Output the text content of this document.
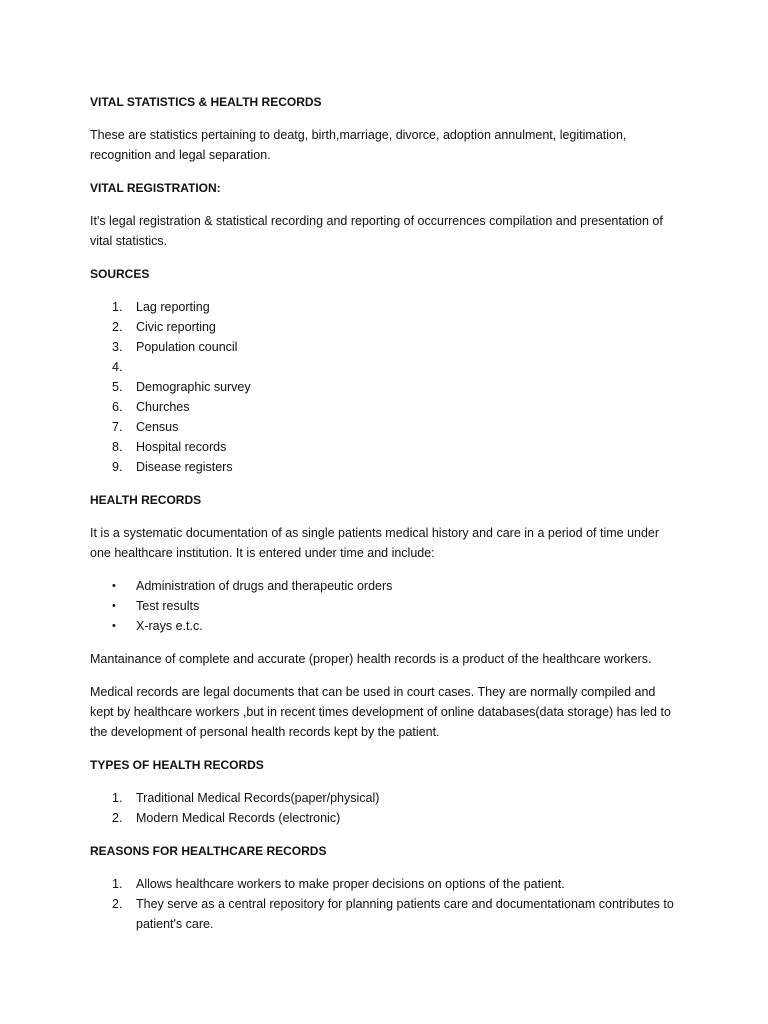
VITAL STATISTICS & HEALTH RECORDS
These are statistics pertaining to deatg, birth,marriage, divorce, adoption annulment, legitimation, recognition and legal separation.
VITAL REGISTRATION:
It's legal registration & statistical recording and reporting of occurrences compilation and presentation of vital statistics.
SOURCES
1.	Lag reporting
2.	Civic reporting
3.	Population council
4.
5.	Demographic survey
6.	Churches
7.	Census
8.	Hospital records
9.	Disease registers
HEALTH RECORDS
It is a systematic documentation of as single patients medical history and care in a period of time under one healthcare institution. It is entered under time and include:
•	Administration of drugs and therapeutic orders
•	Test results
•	X-rays e.t.c.
Mantainance of complete and accurate (proper) health records is a product of the healthcare workers.
Medical records are legal documents that can be used in court cases. They are normally compiled and kept by healthcare workers ,but in recent times development of online databases(data storage) has led to the development of personal health records kept by the patient.
TYPES OF HEALTH RECORDS
1.	Traditional Medical Records(paper/physical)
2.	Modern Medical Records (electronic)
REASONS FOR HEALTHCARE RECORDS
1.	Allows healthcare workers to make proper decisions on options of the patient.
2.	They serve as a central repository for planning patients care and documentationam contributes to patient's care.
